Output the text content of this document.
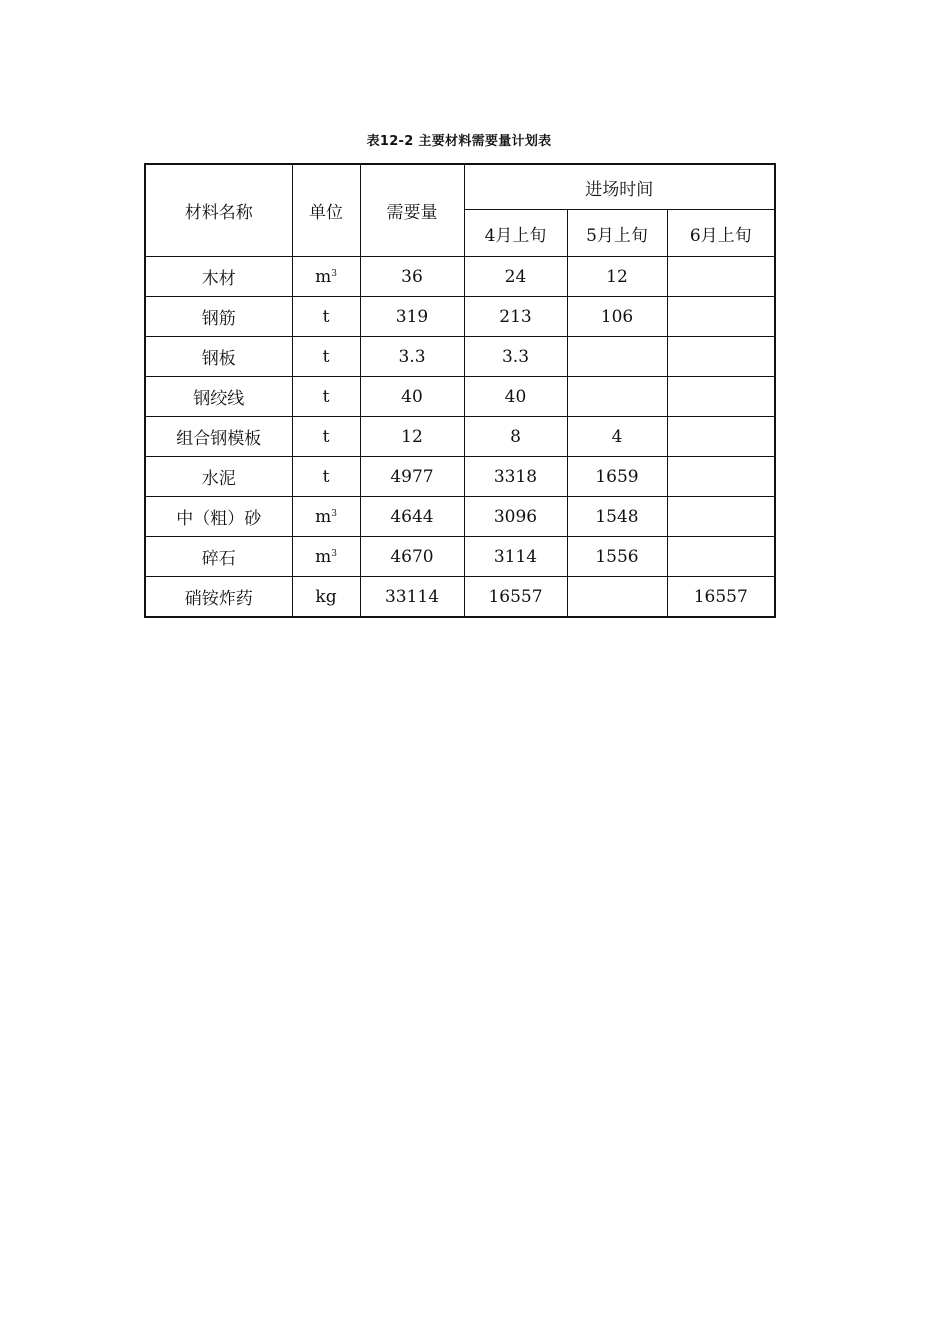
表12-2 主要材料需要量计划表
材料名称	单位	需要量	进场时间		
			4月上旬	5月上旬	6月上旬
木材	$m^3$	36	24	12	
钢筋	t	319	213	106	
钢板	t	3.3	3.3		
钢绞线	t	40	40		
组合钢模板	t	12	8	4	
水泥	t	4977	3318	1659	
中（粗）砂	$m^3$	4644	3096	1548	
碎石	$m^3$	4670	3114	1556	
硝铵炸药	kg	33114	16557		16557
